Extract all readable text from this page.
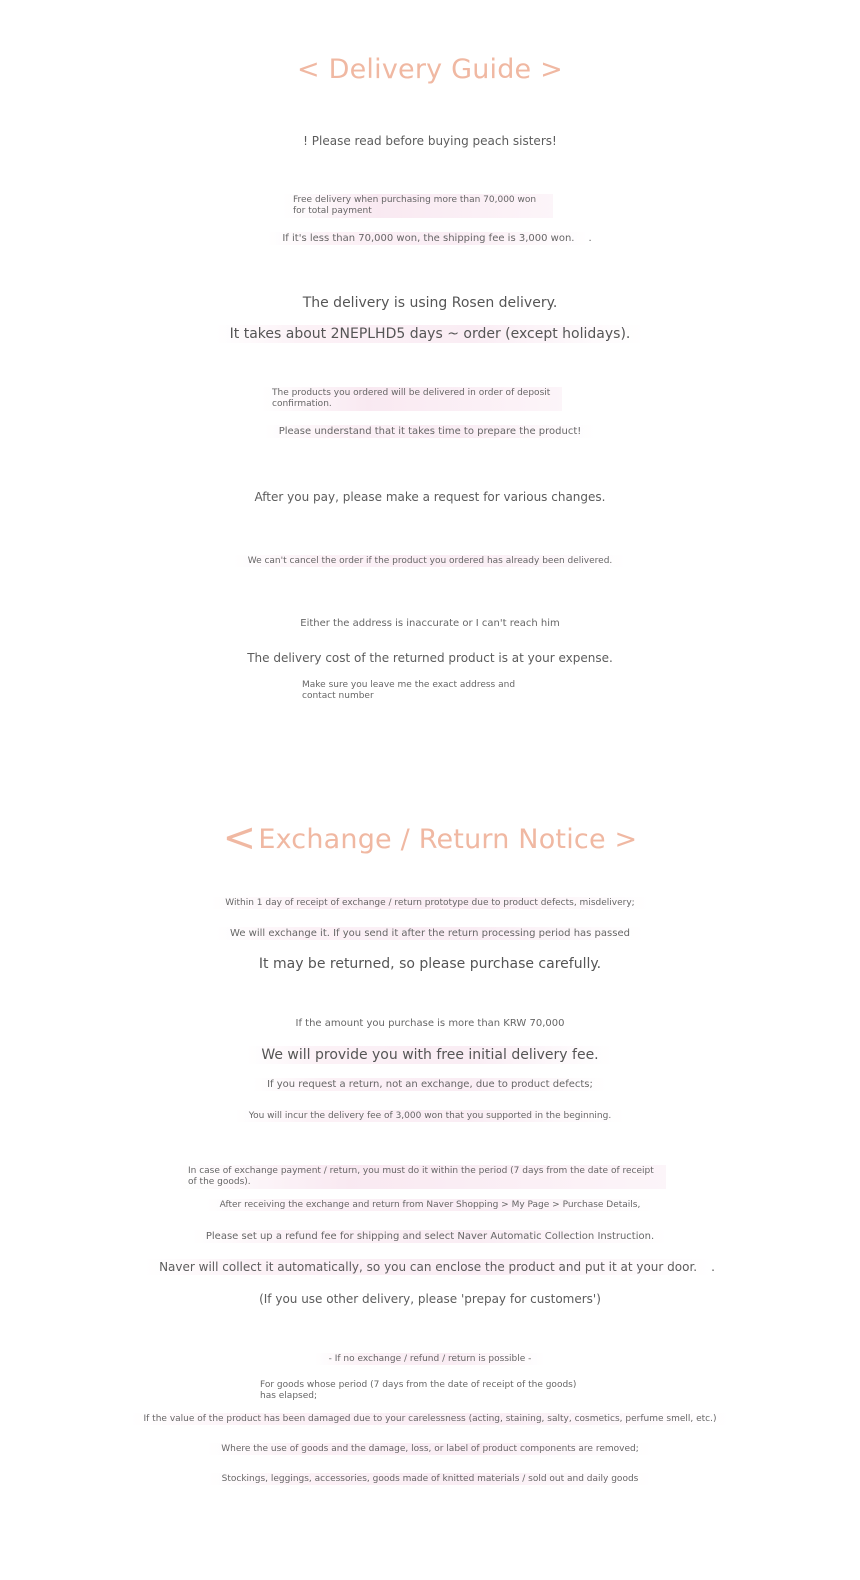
< Delivery Guide >
! Please read before buying peach sisters!
Free delivery when purchasing more than 70,000 won for total payment
If it's less than 70,000 won, the shipping fee is 3,000 won. .
The delivery is using Rosen delivery.
It takes about 2NEPLHD5 days ~ order (except holidays).
The products you ordered will be delivered in order of deposit confirmation.
Please understand that it takes time to prepare the product!
After you pay, please make a request for various changes.
We can't cancel the order if the product you ordered has already been delivered.
Either the address is inaccurate or I can't reach him
The delivery cost of the returned product is at your expense.
Make sure you leave me the exact address and contact number
<Exchange / Return Notice >
Within 1 day of receipt of exchange / return prototype due to product defects, misdelivery;
We will exchange it. If you send it after the return processing period has passed
It may be returned, so please purchase carefully.
If the amount you purchase is more than KRW 70,000
We will provide you with free initial delivery fee.
If you request a return, not an exchange, due to product defects;
You will incur the delivery fee of 3,000 won that you supported in the beginning.
In case of exchange payment / return, you must do it within the period (7 days from the date of receipt of the goods).
After receiving the exchange and return from Naver Shopping > My Page > Purchase Details,
Please set up a refund fee for shipping and select Naver Automatic Collection Instruction.
Naver will collect it automatically, so you can enclose the product and put it at your door. .
(If you use other delivery, please 'prepay for customers')
- If no exchange / refund / return is possible -
For goods whose period (7 days from the date of receipt of the goods) has elapsed;
If the value of the product has been damaged due to your carelessness (acting, staining, salty, cosmetics, perfume smell, etc.)
Where the use of goods and the damage, loss, or label of product components are removed;
Stockings, leggings, accessories, goods made of knitted materials / sold out and daily goods
